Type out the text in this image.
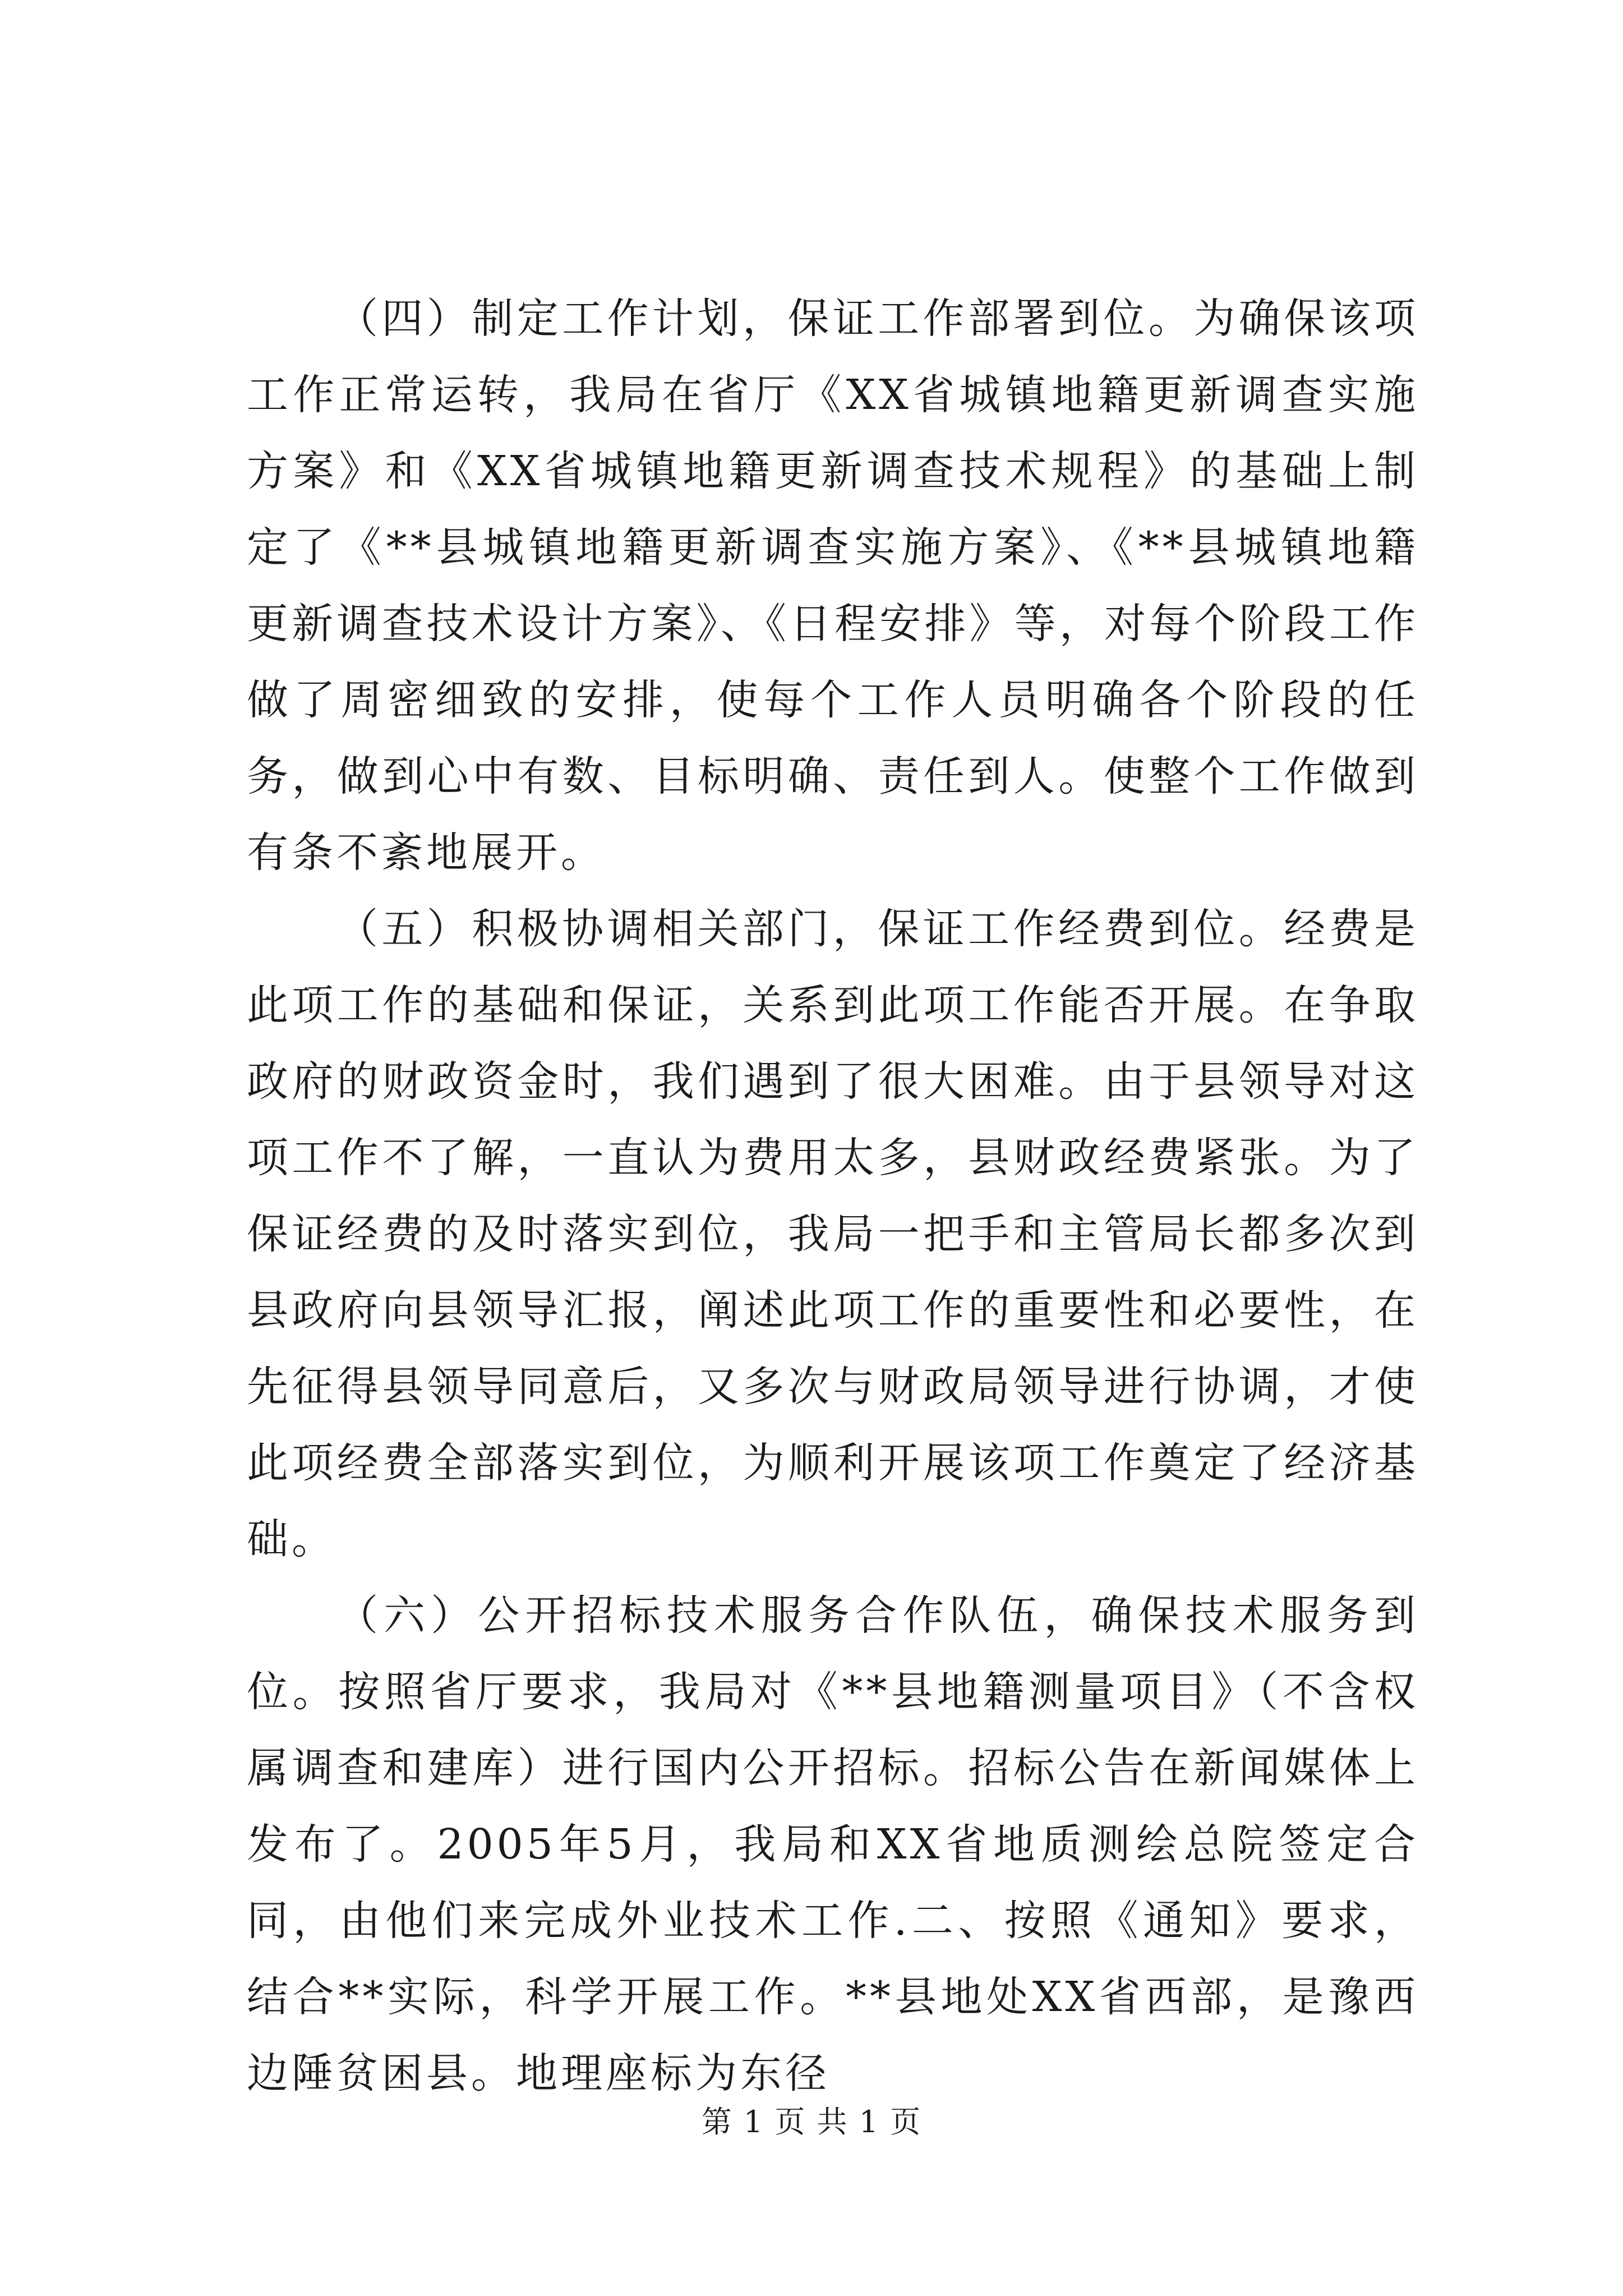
（四）制定工作计划，保证工作部署到位。为确保该项工作正常运转，我局在省厅《XX省城镇地籍更新调查实施方案》和《XX省城镇地籍更新调查技术规程》的基础上制定了《**县城镇地籍更新调查实施方案》、《**县城镇地籍更新调查技术设计方案》、《日程安排》等，对每个阶段工作做了周密细致的安排，使每个工作人员明确各个阶段的任务，做到心中有数、目标明确、责任到人。使整个工作做到有条不紊地展开。

（五）积极协调相关部门，保证工作经费到位。经费是此项工作的基础和保证，关系到此项工作能否开展。在争取政府的财政资金时，我们遇到了很大困难。由于县领导对这项工作不了解，一直认为费用太多，县财政经费紧张。为了保证经费的及时落实到位，我局一把手和主管局长都多次到县政府向县领导汇报，阐述此项工作的重要性和必要性，在先征得县领导同意后，又多次与财政局领导进行协调，才使此项经费全部落实到位，为顺利开展该项工作奠定了经济基础。

（六）公开招标技术服务合作队伍，确保技术服务到位。按照省厅要求，我局对《**县地籍测量项目》（不含权属调查和建库）进行国内公开招标。招标公告在新闻媒体上发布了。2005年5月，我局和XX省地质测绘总院签定合同，由他们来完成外业技术工作.二、按照《通知》要求，结合**实际，科学开展工作。**县地处XX省西部，是豫西边陲贫困县。地理座标为东径

第 1 页 共 1 页
